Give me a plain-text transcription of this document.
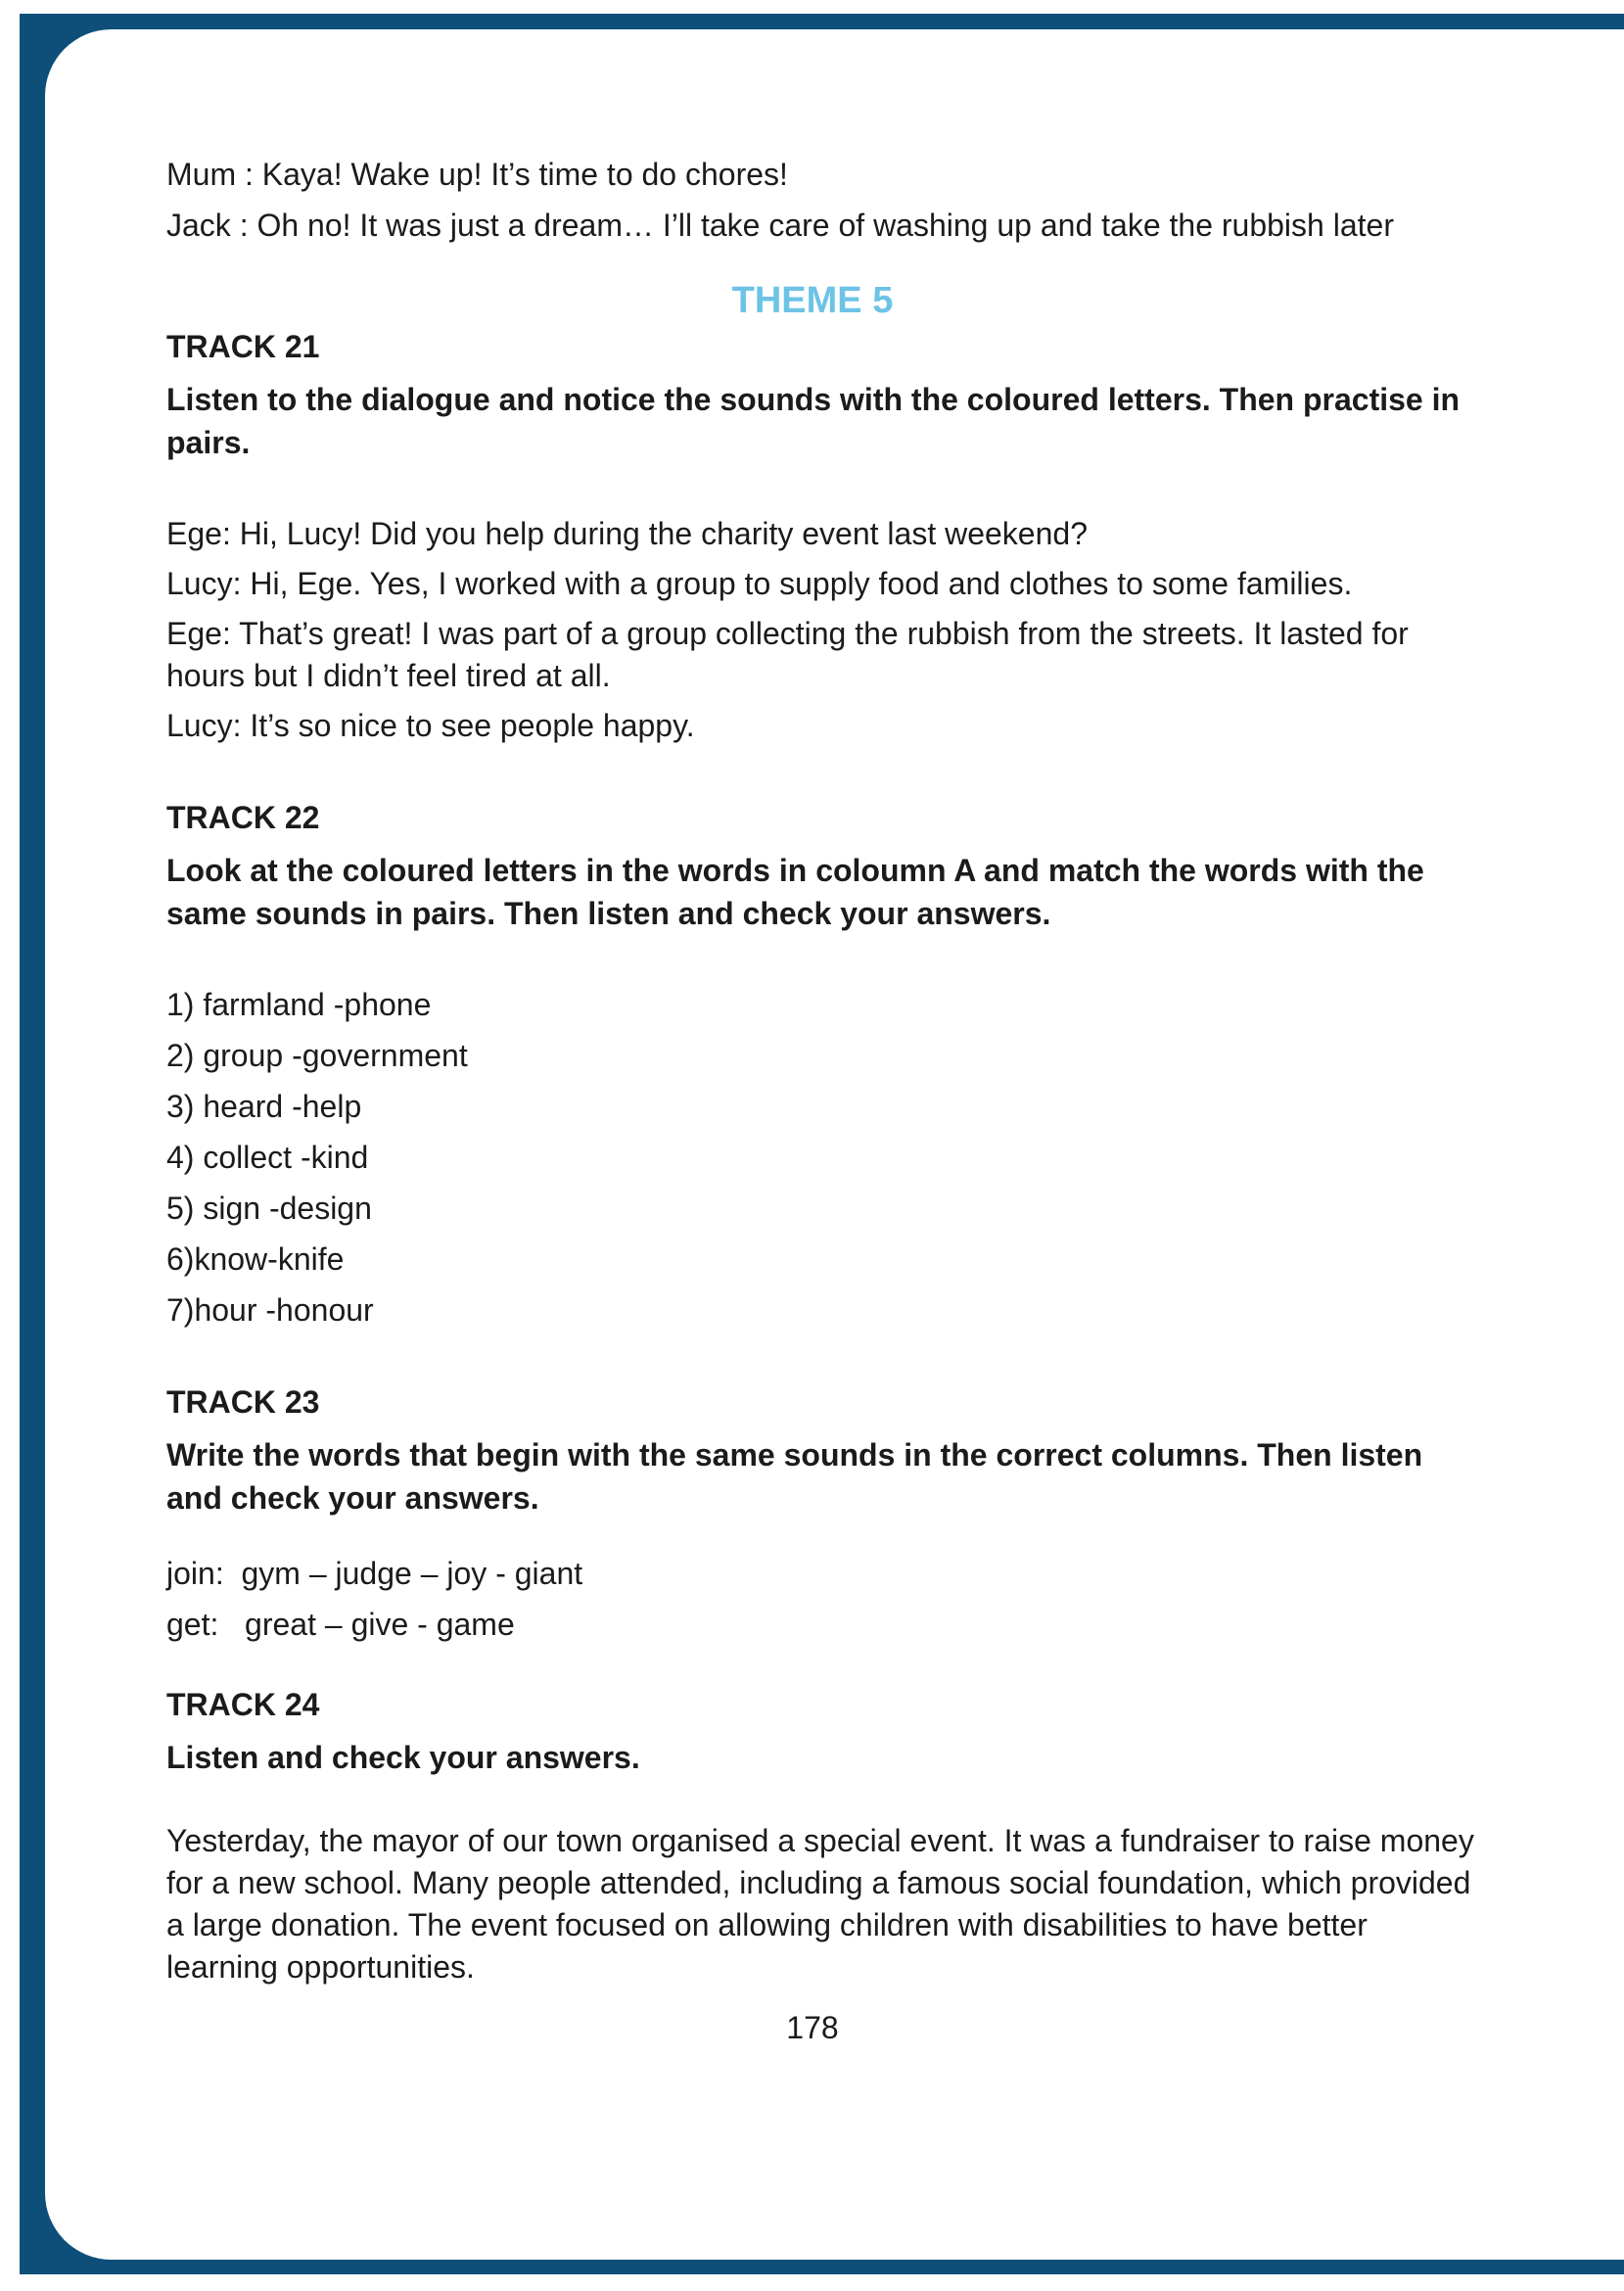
Mum : Kaya! Wake up! It’s time to do chores!

Jack : Oh no! It was just a dream… I’ll take care of washing up and take the rubbish later

THEME 5

TRACK 21

Listen to the dialogue and notice the sounds with the coloured letters. Then practise in pairs.

Ege: Hi, Lucy! Did you help during the charity event last weekend?

Lucy: Hi, Ege. Yes, I worked with a group to supply food and clothes to some families.

Ege: That’s great! I was part of a group collecting the rubbish from the streets. It lasted for hours but I didn’t feel tired at all.

Lucy: It’s so nice to see people happy.

TRACK 22

Look at the coloured letters in the words in coloumn A and match the words with the same sounds in pairs. Then listen and check your answers.

1) farmland -phone

2) group -government

3) heard -help

4) collect -kind

5) sign -design

6)know-knife

7)hour -honour

TRACK 23

Write the words that begin with the same sounds in the correct columns. Then listen and check your answers.

join:  gym – judge – joy - giant

get:   great – give - game

TRACK 24

Listen and check your answers.

Yesterday, the mayor of our town organised a special event. It was a fundraiser to raise money for a new school. Many people attended, including a famous social foundation, which provided a large donation. The event focused on allowing children with disabilities to have better learning opportunities.

178
